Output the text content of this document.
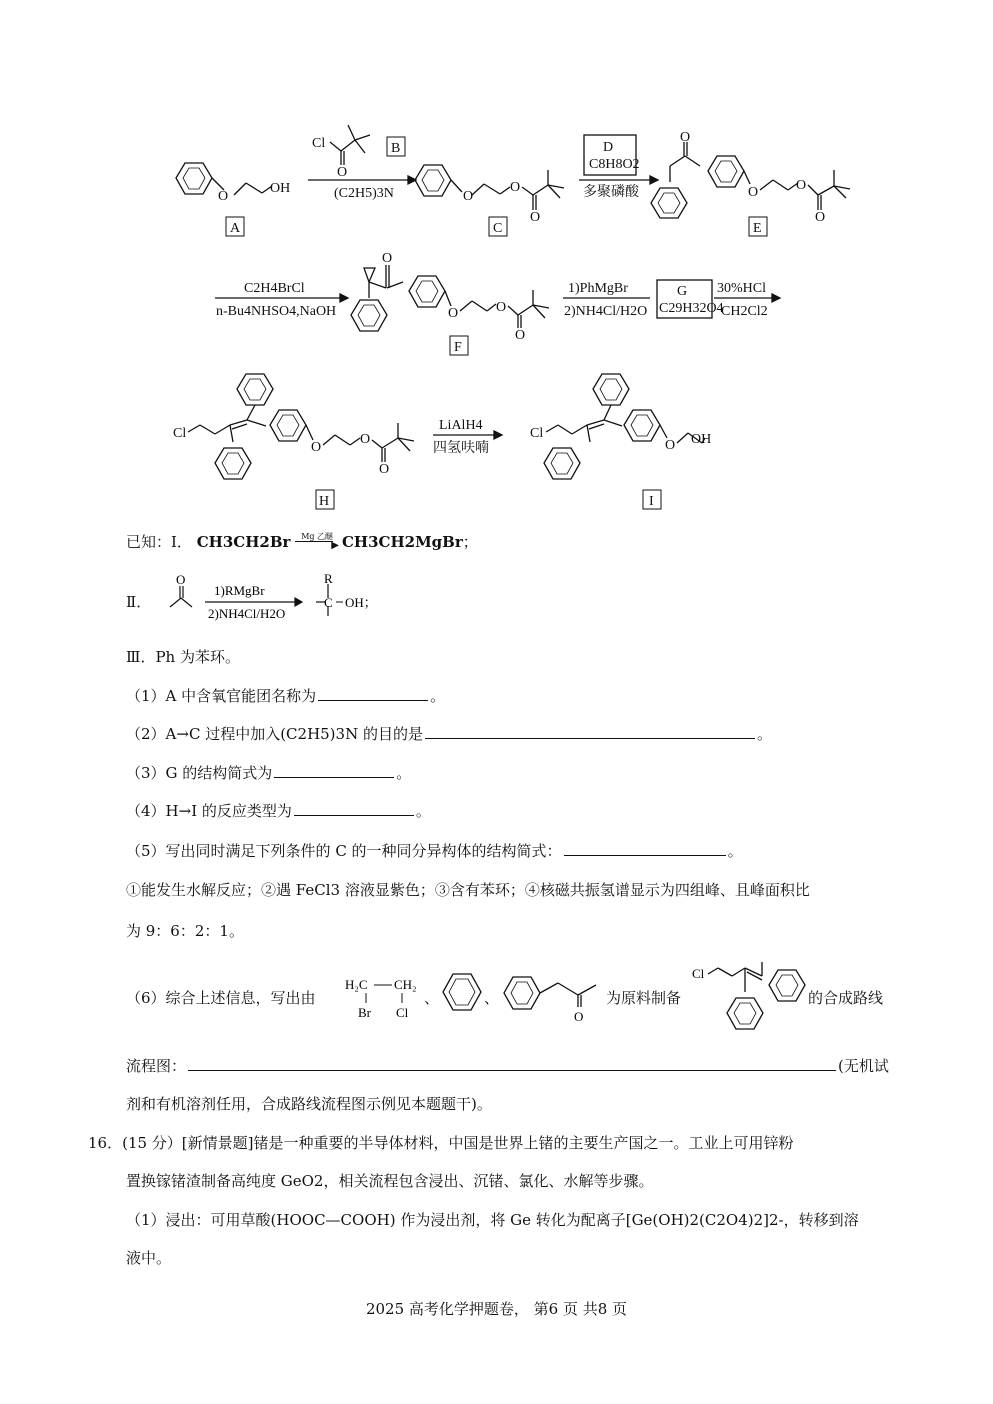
OH
O
Cl
O
(C2H5)3N	O
O
O
D
C8H8O2
多聚磷酸
O
O	O
O
C2H4BrCl
n-Bu4NHSO4,NaOH
O
O	O
O
1)PhMgBr
2)NH4Cl/H2O
G
C29H32O4
30%HCl
CH2Cl2
Cl
O
O
O
LiAlH4
四氢呋喃
Cl
O OH
A
B
C	E
F
H	I
已知：Ⅰ． CH3CH2Br	▶
Mg 乙醚 CH3CH2MgBr；
Ⅱ．
O
1)RMgBr
2)NH4Cl/H2O
R
C OH；
Ⅲ．Ph 为苯环。
（1）A 中含氧官能团名称为	。
（2）A→C 过程中加入(C2H5)3N 的目的是	。
（3）G 的结构简式为	。
（4）H→I 的反应类型为	。
（5）写出同时满足下列条件的 C 的一种同分异构体的结构简式：	。
①能发生水解反应；②遇 FeCl3 溶液显紫色；③含有苯环；④核磁共振氢谱显示为四组峰、且峰面积比
为 9：6：2：1。
（6）综合上述信息，写出由
H₂C CH₂
Br Cl
、	、
O
为原料制备
Cl
的合成路线
流程图：	(无机试
剂和有机溶剂任用，合成路线流程图示例见本题题干)。
16．(15 分）[新情景题]锗是一种重要的半导体材料，中国是世界上锗的主要生产国之一。工业上可用锌粉
置换镓锗渣制备高纯度 GeO2，相关流程包含浸出、沉锗、氯化、水解等步骤。
（1）浸出：可用草酸(HOOC—COOH) 作为浸出剂，将 Ge 转化为配离子[Ge(OH)2(C2O4)2]2-，转移到溶
液中。
2025 高考化学押题卷， 第6 页 共8 页
